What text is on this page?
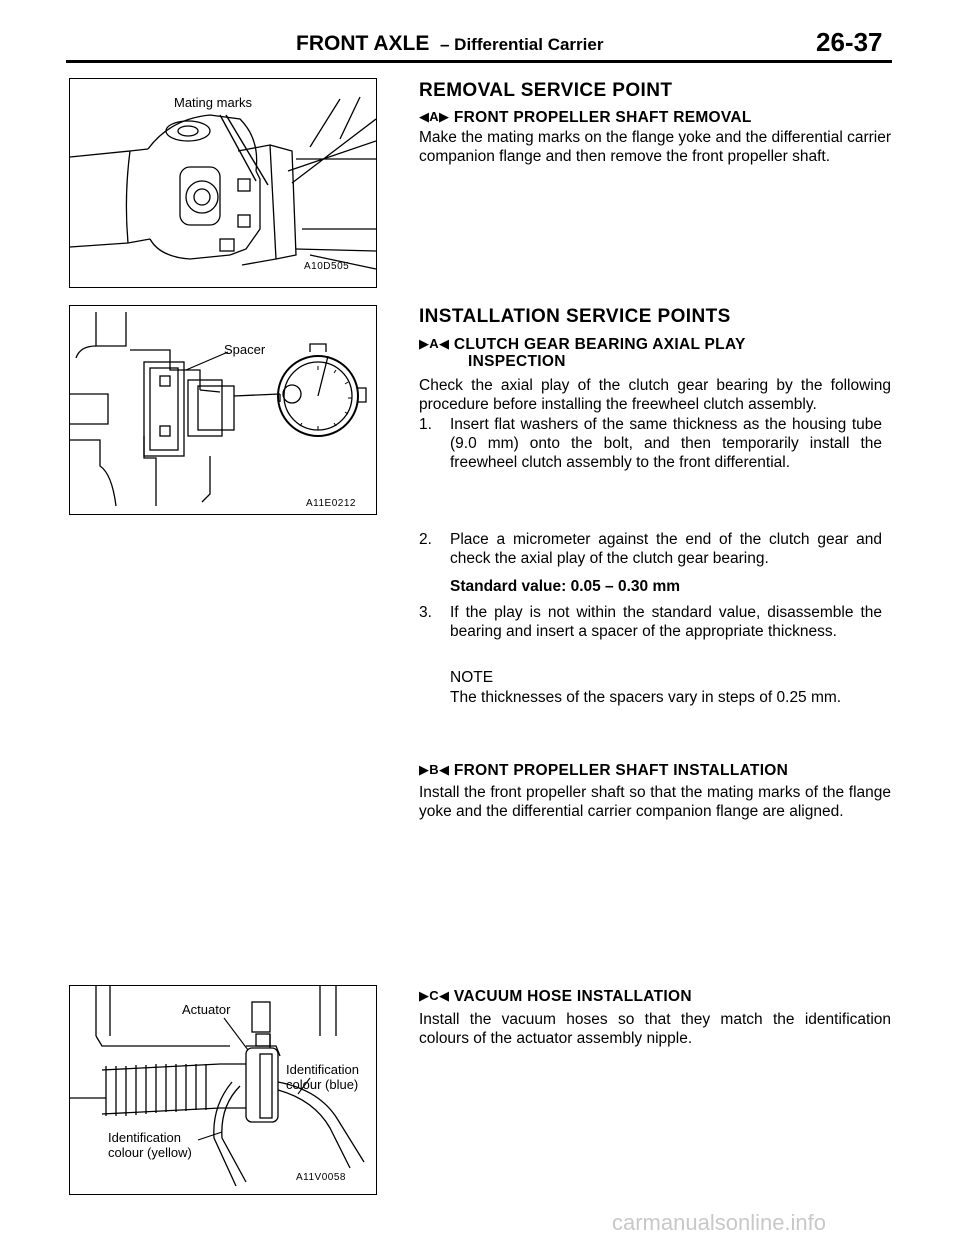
FRONT AXLE – Differential Carrier	26-37
Mating marks
A10D505
Spacer
A11E0212
Actuator
Identification
colour (blue)
Identification
colour (yellow)
A11V0058
REMOVAL SERVICE POINT
◀A▶ FRONT PROPELLER SHAFT REMOVAL
Make the mating marks on the flange yoke and the differential carrier companion flange and then remove the front propeller shaft.
INSTALLATION SERVICE POINTS
▶A◀ CLUTCH GEAR BEARING AXIAL PLAY
INSPECTION
Check the axial play of the clutch gear bearing by the following procedure before installing the freewheel clutch assembly.
1. Insert flat washers of the same thickness as the housing tube (9.0 mm) onto the bolt, and then temporarily install the freewheel clutch assembly to the front differential.
2. Place a micrometer against the end of the clutch gear and check the axial play of the clutch gear bearing.
Standard value: 0.05 – 0.30 mm
3. If the play is not within the standard value, disassemble the bearing and insert a spacer of the appropriate thickness.
NOTE
The thicknesses of the spacers vary in steps of 0.25 mm.
▶B◀ FRONT PROPELLER SHAFT INSTALLATION
Install the front propeller shaft so that the mating marks of the flange yoke and the differential carrier companion flange are aligned.
▶C◀ VACUUM HOSE INSTALLATION
Install the vacuum hoses so that they match the identification colours of the actuator assembly nipple.
carmanualsonline.info
